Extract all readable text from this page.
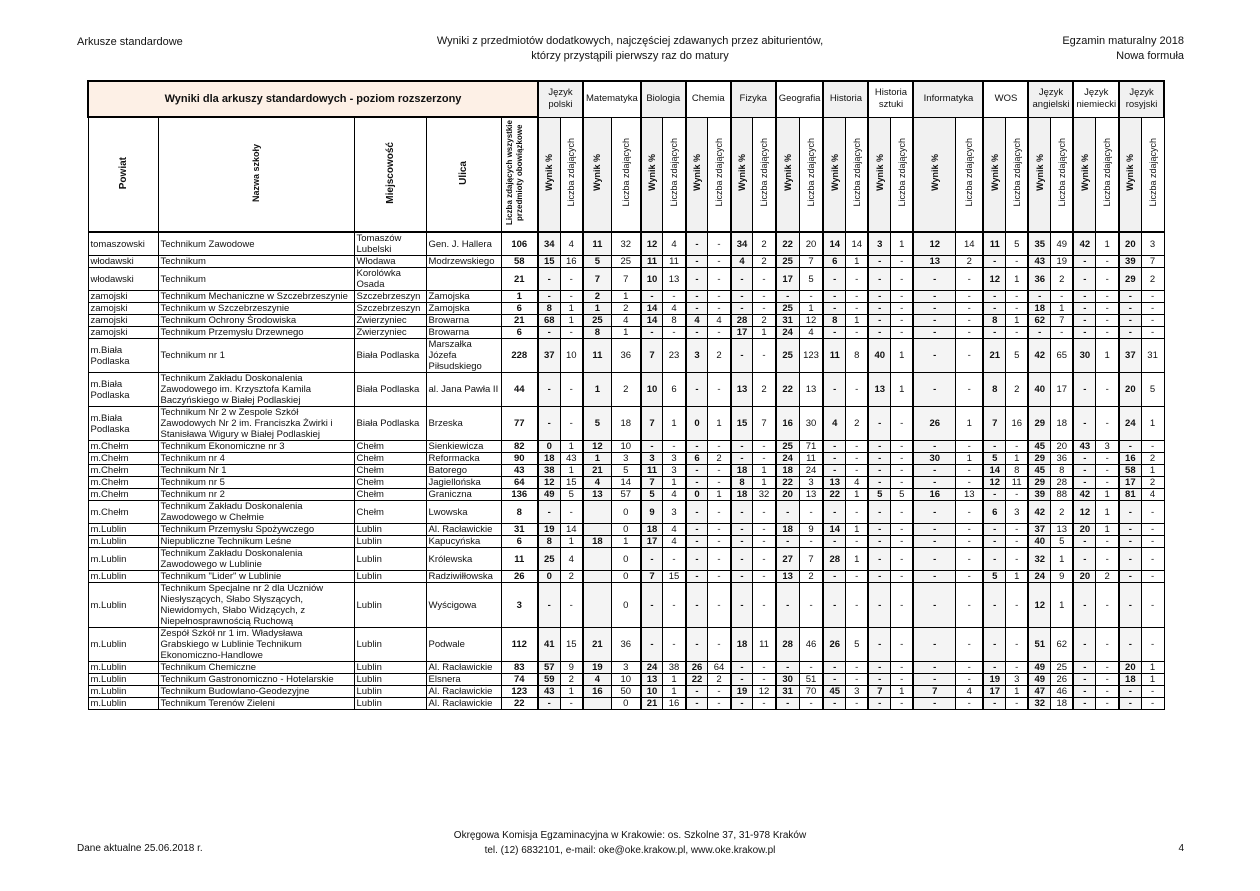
Arkusze standardowe	Wyniki z przedmiotów dodatkowych, najczęściej zdawanych przez abiturientów,
którzy przystąpili pierwszy raz do matury
Egzamin maturalny 2018
Nowa formuła
Wyniki dla arkuszy standardowych - poziom rozszerzony					Język polski		Matematyka		Biologia		Chemia		Fizyka		Geografia		Historia		Historia sztuki		Informatyka		WOS		Język angielski		Język niemiecki		Język rosyjski	
Powiat	Nazwa szkoły	Miejscowość	Ulica	Liczba zdających wszystkie przedmioty obowiązkowe	Wynik %	Liczba zdających	Wynik %	Liczba zdających	Wynik %	Liczba zdających	Wynik %	Liczba zdających	Wynik %	Liczba zdających	Wynik %	Liczba zdających	Wynik %	Liczba zdających	Wynik %	Liczba zdających	Wynik %	Liczba zdających	Wynik %	Liczba zdających	Wynik %	Liczba zdających	Wynik %	Liczba zdających	Wynik %	Liczba zdających
tomaszowski	Technikum Zawodowe	Tomaszów Lubelski	Gen. J. Hallera	106	34	4	11	32	12	4	-	-	34	2	22	20	14	14	3	1	12	14	11	5	35	49	42	1	20	3
włodawski	Technikum	Włodawa	Modrzewskiego	58	15	16	5	25	11	11	-	-	4	2	25	7	6	1	-	-	13	2	-	-	43	19	-	-	39	7
włodawski	Technikum	Korolówka Osada		21	-	-	7	7	10	13	-	-	-	-	17	5	-	-	-	-	-	-	12	1	36	2	-	-	29	2
zamojski	Technikum Mechaniczne w Szczebrzeszynie	Szczebrzeszyn	Zamojska	1	-	-	2	1	-	-	-	-	-	-	-	-	-	-	-	-	-	-	-	-	-	-	-	-	-	-
zamojski	Technikum w Szczebrzeszynie	Szczebrzeszyn	Zamojska	6	8	1	1	2	14	4	-	-	-	-	25	1	-	-	-	-	-	-	-	-	18	1	-	-	-	-
zamojski	Technikum Ochrony Środowiska	Zwierzyniec	Browarna	21	68	1	25	4	14	8	4	4	28	2	31	12	8	1	-	-	-	-	8	1	62	7	-	-	-	-
zamojski	Technikum Przemysłu Drzewnego	Zwierzyniec	Browarna	6	-	-	8	1	-	-	-	-	17	1	24	4	-	-	-	-	-	-	-	-	-	-	-	-	-	-
m.Biała Podlaska	Technikum nr 1	Biała Podlaska	Marszałka Józefa Piłsudskiego	228	37	10	11	36	7	23	3	2	-	-	25	123	11	8	40	1	-	-	21	5	42	65	30	1	37	31
m.Biała Podlaska	Technikum Zakładu Doskonalenia Zawodowego im. Krzysztofa Kamila Baczyńskiego w Białej Podlaskiej	Biała Podlaska	al. Jana Pawła II	44	-	-	1	2	10	6	-	-	13	2	22	13	-	-	13	1	-	-	8	2	40	17	-	-	20	5
m.Biała Podlaska	Technikum Nr 2 w Zespole Szkół Zawodowych Nr 2 im. Franciszka Żwirki i Stanisława Wigury w Białej Podlaskiej	Biała Podlaska	Brzeska	77	-	-	5	18	7	1	0	1	15	7	16	30	4	2	-	-	26	1	7	16	29	18	-	-	24	1
m.Chełm	Technikum Ekonomiczne nr 3	Chełm	Sienkiewicza	82	0	1	12	10	-	-	-	-	-	-	25	71	-	-	-	-	-	-	-	-	45	20	43	3	-	-
m.Chełm	Technikum nr 4	Chełm	Reformacka	90	18	43	1	3	3	3	6	2	-	-	24	11	-	-	-	-	30	1	5	1	29	36	-	-	16	2
m.Chełm	Technikum Nr 1	Chełm	Batorego	43	38	1	21	5	11	3	-	-	18	1	18	24	-	-	-	-	-	-	14	8	45	8	-	-	58	1
m.Chełm	Technikum nr 5	Chełm	Jagiellońska	64	12	15	4	14	7	1	-	-	8	1	22	3	13	4	-	-	-	-	12	11	29	28	-	-	17	2
m.Chełm	Technikum nr 2	Chełm	Graniczna	136	49	5	13	57	5	4	0	1	18	32	20	13	22	1	5	5	16	13	-	-	39	88	42	1	81	4
m.Chełm	Technikum Zakładu Doskonalenia Zawodowego w Chełmie	Chełm	Lwowska	8	-	-		0	9	3	-	-	-	-	-	-	-	-	-	-	-	-	6	3	42	2	12	1	-	-
m.Lublin	Technikum Przemysłu Spożywczego	Lublin	Al. Racławickie	31	19	14		0	18	4	-	-	-	-	18	9	14	1	-	-	-	-	-	-	37	13	20	1	-	-
m.Lublin	Niepubliczne Technikum Leśne	Lublin	Kapucyńska	6	8	1	18	1	17	4	-	-	-	-	-	-	-	-	-	-	-	-	-	-	40	5	-	-	-	-
m.Lublin	Technikum Zakładu Doskonalenia Zawodowego w Lublinie	Lublin	Królewska	11	25	4		0	-	-	-	-	-	-	27	7	28	1	-	-	-	-	-	-	32	1	-	-	-	-
m.Lublin	Technikum "Lider" w Lublinie	Lublin	Radziwiłłowska	26	0	2		0	7	15	-	-	-	-	13	2	-	-	-	-	-	-	5	1	24	9	20	2	-	-
m.Lublin	Technikum Specjalne nr 2 dla Uczniów Niesłyszących, Słabo Słyszących, Niewidomych, Słabo Widzących, z Niepełnosprawnością Ruchową	Lublin	Wyścigowa	3	-	-		0	-	-	-	-	-	-	-	-	-	-	-	-	-	-	-	-	12	1	-	-	-	-
m.Lublin	Zespół Szkół nr 1 im. Władysława Grabskiego w Lublinie Technikum Ekonomiczno-Handlowe	Lublin	Podwale	112	41	15	21	36	-	-	-	-	18	11	28	46	26	5	-	-	-	-	-	-	51	62	-	-	-	-
m.Lublin	Technikum Chemiczne	Lublin	Al. Racławickie	83	57	9	19	3	24	38	26	64	-	-	-	-	-	-	-	-	-	-	-	-	49	25	-	-	20	1
m.Lublin	Technikum Gastronomiczno - Hotelarskie	Lublin	Elsnera	74	59	2	4	10	13	1	22	2	-	-	30	51	-	-	-	-	-	-	19	3	49	26	-	-	18	1
m.Lublin	Technikum Budowlano-Geodezyjne	Lublin	Al. Racławickie	123	43	1	16	50	10	1	-	-	19	12	31	70	45	3	7	1	7	4	17	1	47	46	-	-	-	-
m.Lublin	Technikum Terenów Zieleni	Lublin	Al. Racławickie	22	-	-		0	21	16	-	-	-	-	-	-	-	-	-	-	-	-	-	-	32	18	-	-	-	-
Dane aktualne 25.06.2018 r.
Okręgowa Komisja Egzaminacyjna w Krakowie: os. Szkolne 37, 31-978 Kraków
tel. (12) 6832101, e-mail: oke@oke.krakow.pl, www.oke.krakow.pl	4
